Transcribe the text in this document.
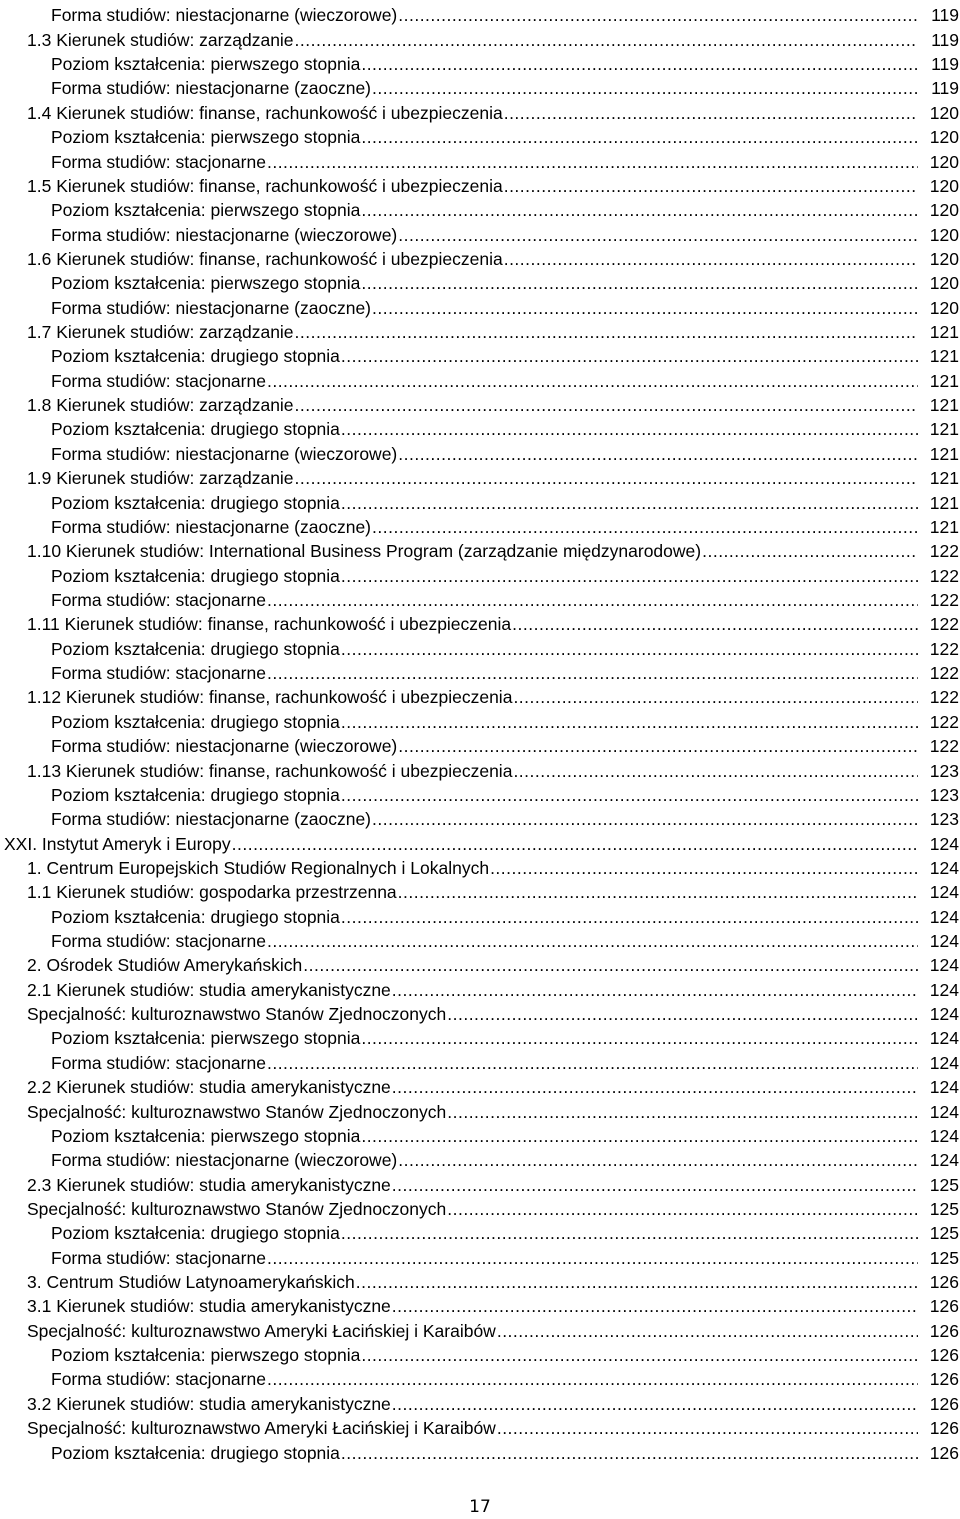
Forma studiów: niestacjonarne (wieczorowe) .....	119
1.3 Kierunek studiów: zarządzanie .....	119
Poziom kształcenia: pierwszego stopnia .....	119
Forma studiów: niestacjonarne (zaoczne) .....	119
1.4 Kierunek studiów: finanse, rachunkowość i ubezpieczenia .....	120
Poziom kształcenia: pierwszego stopnia .....	120
Forma studiów: stacjonarne .....	120
1.5 Kierunek studiów: finanse, rachunkowość i ubezpieczenia .....	120
Poziom kształcenia: pierwszego stopnia .....	120
Forma studiów: niestacjonarne (wieczorowe) .....	120
1.6 Kierunek studiów: finanse, rachunkowość i ubezpieczenia .....	120
Poziom kształcenia: pierwszego stopnia .....	120
Forma studiów: niestacjonarne (zaoczne) .....	120
1.7 Kierunek studiów: zarządzanie .....	121
Poziom kształcenia: drugiego stopnia .....	121
Forma studiów: stacjonarne .....	121
1.8 Kierunek studiów: zarządzanie .....	121
Poziom kształcenia: drugiego stopnia .....	121
Forma studiów: niestacjonarne (wieczorowe) .....	121
1.9 Kierunek studiów: zarządzanie .....	121
Poziom kształcenia: drugiego stopnia .....	121
Forma studiów: niestacjonarne (zaoczne) .....	121
1.10 Kierunek studiów: International Business Program (zarządzanie międzynarodowe) .....	122
Poziom kształcenia: drugiego stopnia .....	122
Forma studiów: stacjonarne .....	122
1.11 Kierunek studiów: finanse, rachunkowość i ubezpieczenia .....	122
Poziom kształcenia: drugiego stopnia .....	122
Forma studiów: stacjonarne .....	122
1.12 Kierunek studiów: finanse, rachunkowość i ubezpieczenia .....	122
Poziom kształcenia: drugiego stopnia .....	122
Forma studiów: niestacjonarne (wieczorowe) .....	122
1.13 Kierunek studiów: finanse, rachunkowość i ubezpieczenia .....	123
Poziom kształcenia: drugiego stopnia .....	123
Forma studiów: niestacjonarne (zaoczne) .....	123
XXI. Instytut Ameryk i Europy .....	124
1. Centrum Europejskich Studiów Regionalnych i Lokalnych .....	124
1.1 Kierunek studiów: gospodarka przestrzenna .....	124
Poziom kształcenia: drugiego stopnia .....	124
Forma studiów: stacjonarne .....	124
2. Ośrodek Studiów Amerykańskich .....	124
2.1 Kierunek studiów: studia amerykanistyczne .....	124
Specjalność: kulturoznawstwo Stanów Zjednoczonych .....	124
Poziom kształcenia: pierwszego stopnia .....	124
Forma studiów: stacjonarne .....	124
2.2 Kierunek studiów: studia amerykanistyczne .....	124
Specjalność: kulturoznawstwo Stanów Zjednoczonych .....	124
Poziom kształcenia: pierwszego stopnia .....	124
Forma studiów: niestacjonarne (wieczorowe) .....	124
2.3 Kierunek studiów: studia amerykanistyczne .....	125
Specjalność: kulturoznawstwo Stanów Zjednoczonych .....	125
Poziom kształcenia: drugiego stopnia .....	125
Forma studiów: stacjonarne .....	125
3. Centrum Studiów Latynoamerykańskich .....	126
3.1 Kierunek studiów: studia amerykanistyczne .....	126
Specjalność: kulturoznawstwo Ameryki Łacińskiej i Karaibów .....	126
Poziom kształcenia: pierwszego stopnia .....	126
Forma studiów: stacjonarne .....	126
3.2 Kierunek studiów: studia amerykanistyczne .....	126
Specjalność: kulturoznawstwo Ameryki Łacińskiej i Karaibów .....	126
Poziom kształcenia: drugiego stopnia .....	126
17
